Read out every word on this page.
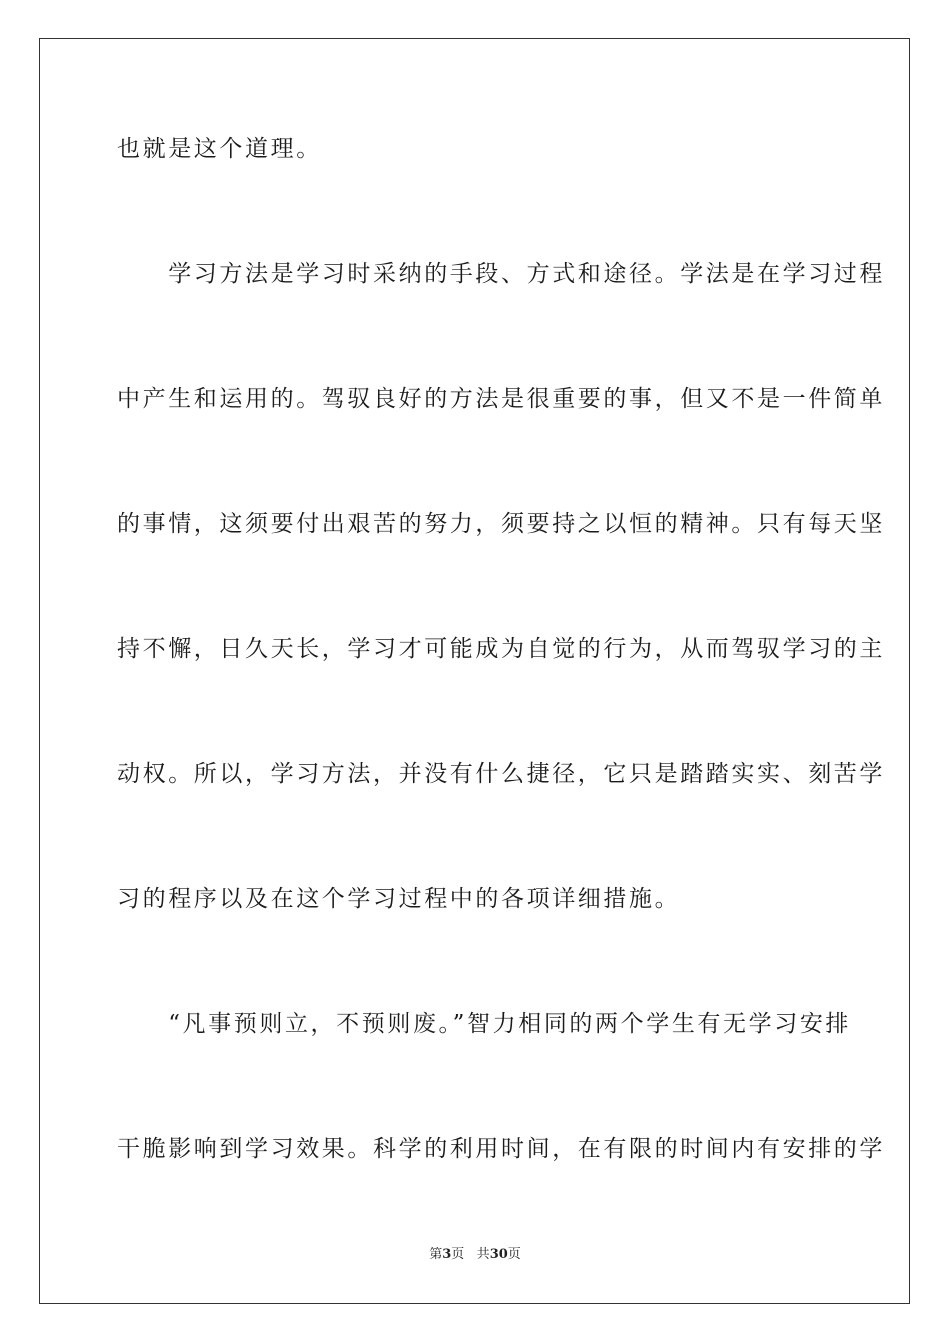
也就是这个道理。
　　学习方法是学习时采纳的手段、方式和途径。学法是在学习过程
中产生和运用的。驾驭良好的方法是很重要的事，但又不是一件简单
的事情，这须要付出艰苦的努力，须要持之以恒的精神。只有每天坚
持不懈，日久天长，学习才可能成为自觉的行为，从而驾驭学习的主
动权。所以，学习方法，并没有什么捷径，它只是踏踏实实、刻苦学
习的程序以及在这个学习过程中的各项详细措施。
　　“凡事预则立，不预则废。”智力相同的两个学生有无学习安排
干脆影响到学习效果。科学的利用时间，在有限的时间内有安排的学
第3页 共30页
